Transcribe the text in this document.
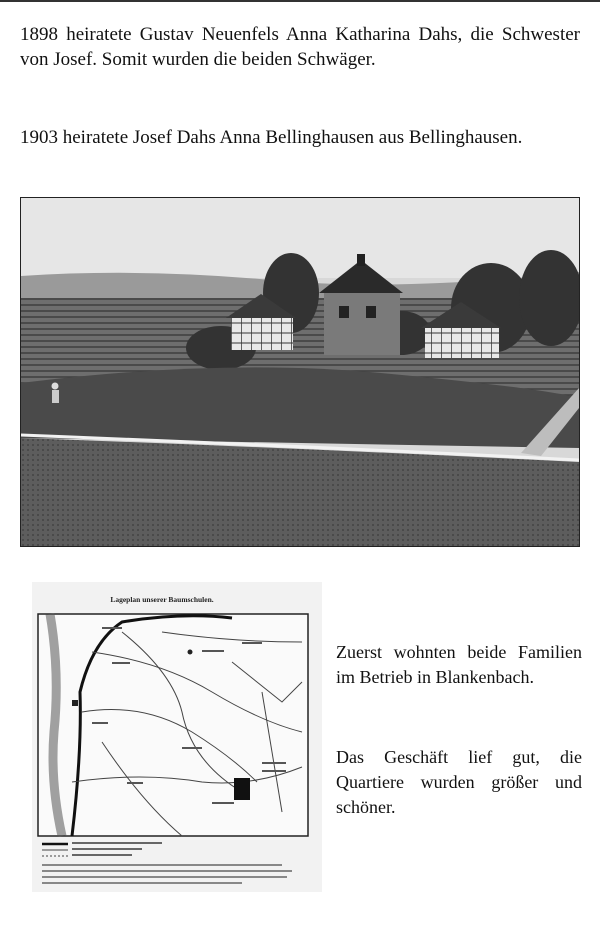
1898 heiratete Gustav Neuenfels Anna Katharina Dahs, die Schwester von Josef. Somit wurden die beiden Schwäger.

1903 heiratete Josef Dahs Anna Bellinghausen aus Bellinghausen.

Lageplan unserer Baumschulen.

Zuerst wohnten beide Familien im Betrieb in Blankenbach.

Das Geschäft lief gut, die Quartiere wurden größer und schöner.
